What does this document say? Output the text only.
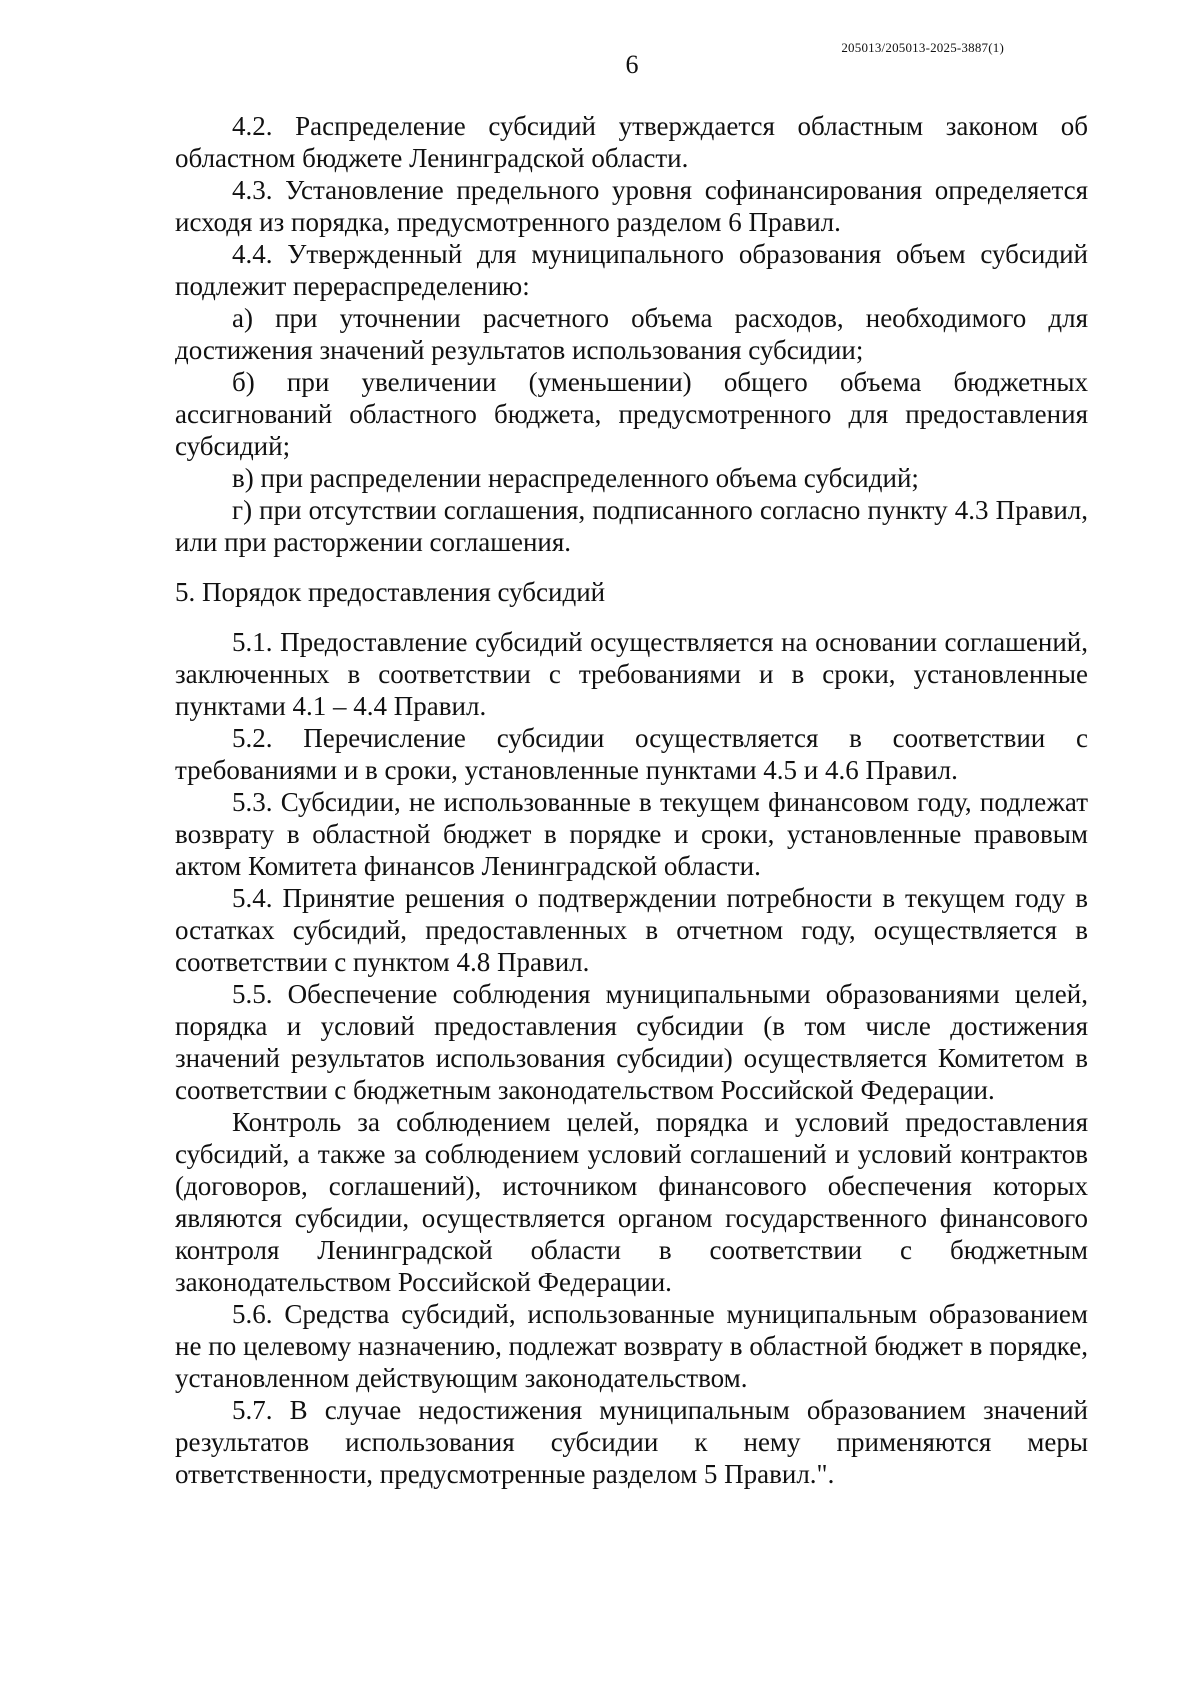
205013/205013-2025-3887(1)
6

4.2. Распределение субсидий утверждается областным законом об областном бюджете Ленинградской области.

4.3. Установление предельного уровня софинансирования определяется исходя из порядка, предусмотренного разделом 6 Правил.

4.4. Утвержденный для муниципального образования объем субсидий подлежит перераспределению:

а) при уточнении расчетного объема расходов, необходимого для достижения значений результатов использования субсидии;

б) при увеличении (уменьшении) общего объема бюджетных ассигнований областного бюджета, предусмотренного для предоставления субсидий;

в) при распределении нераспределенного объема субсидий;

г) при отсутствии соглашения, подписанного согласно пункту 4.3 Правил, или при расторжении соглашения.

5. Порядок предоставления субсидий

5.1. Предоставление субсидий осуществляется на основании соглашений, заключенных в соответствии с требованиями и в сроки, установленные пунктами 4.1 – 4.4 Правил.

5.2. Перечисление субсидии осуществляется в соответствии с требованиями и в сроки, установленные пунктами 4.5 и 4.6 Правил.

5.3. Субсидии, не использованные в текущем финансовом году, подлежат возврату в областной бюджет в порядке и сроки, установленные правовым актом Комитета финансов Ленинградской области.

5.4. Принятие решения о подтверждении потребности в текущем году в остатках субсидий, предоставленных в отчетном году, осуществляется в соответствии с пунктом 4.8 Правил.

5.5. Обеспечение соблюдения муниципальными образованиями целей, порядка и условий предоставления субсидии (в том числе достижения значений результатов использования субсидии) осуществляется Комитетом в соответствии с бюджетным законодательством Российской Федерации.

Контроль за соблюдением целей, порядка и условий предоставления субсидий, а также за соблюдением условий соглашений и условий контрактов (договоров, соглашений), источником финансового обеспечения которых являются субсидии, осуществляется органом государственного финансового контроля Ленинградской области в соответствии с бюджетным законодательством Российской Федерации.

5.6. Средства субсидий, использованные муниципальным образованием не по целевому назначению, подлежат возврату в областной бюджет в порядке, установленном действующим законодательством.

5.7. В случае недостижения муниципальным образованием значений результатов использования субсидии к нему применяются меры ответственности, предусмотренные разделом 5 Правил.".
